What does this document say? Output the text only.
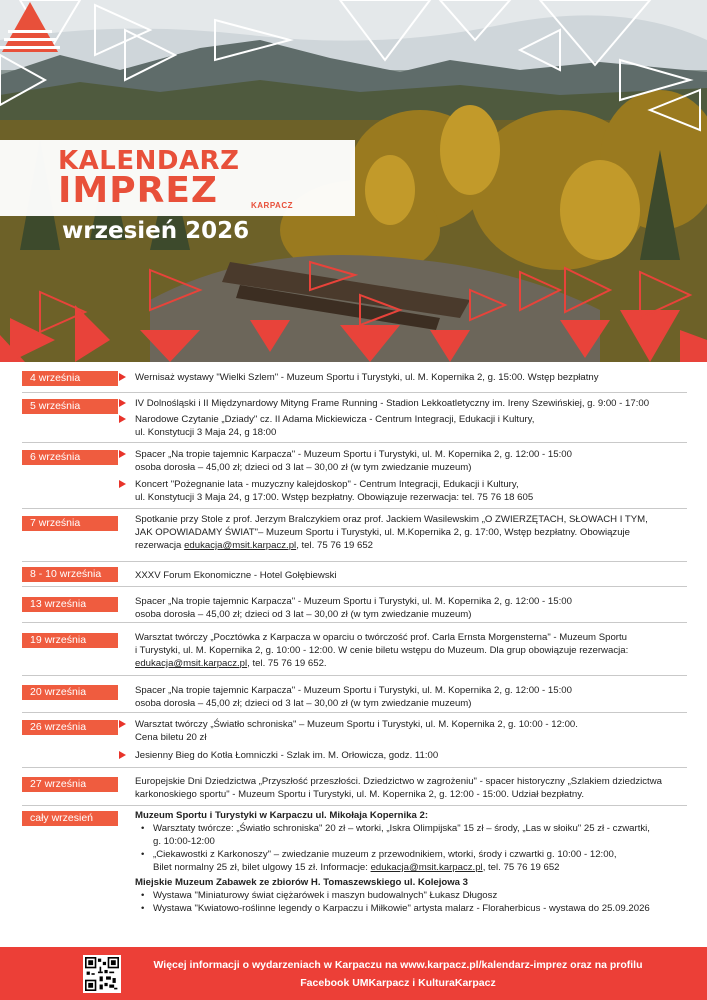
KALENDARZ
IMPREZ	KARPACZ
wrzesień 2026
4 września	Wernisaż wystawy "Wielki Szlem" - Muzeum Sportu i Turystyki, ul. M. Kopernika 2, g. 15:00. Wstęp bezpłatny
5 września	IV Dolnośląski i II Międzynardowy Mityng Frame Running - Stadion Lekkoatletyczny im. Ireny Szewińskiej, g. 9:00 - 17:00
Narodowe Czytanie „Dziady" cz. II Adama Mickiewicza - Centrum Integracji, Edukacji i Kultury,
ul. Konstytucji 3 Maja 24, g 18:00
6 września	Spacer „Na tropie tajemnic Karpacza" - Muzeum Sportu i Turystyki, ul. M. Kopernika 2, g. 12:00 - 15:00
osoba dorosła – 45,00 zł; dzieci od 3 lat – 30,00 zł (w tym zwiedzanie muzeum)
Koncert "Pożegnanie lata - muzyczny kalejdoskop" - Centrum Integracji, Edukacji i Kultury,
ul. Konstytucji 3 Maja 24, g 17:00. Wstęp bezpłatny. Obowiązuje rezerwacja: tel. 75 76 18 605
7 września	Spotkanie przy Stole z prof. Jerzym Bralczykiem oraz prof. Jackiem Wasilewskim „O ZWIERZĘTACH, SŁOWACH I TYM,
JAK OPOWIADAMY ŚWIAT"– Muzeum Sportu i Turystyki, ul. M.Kopernika 2, g. 17:00, Wstęp bezpłatny. Obowiązuje
rezerwacja edukacja@msit.karpacz.pl, tel. 75 76 19 652
8 - 10 września	XXXV Forum Ekonomiczne - Hotel Gołębiewski
13 września	Spacer „Na tropie tajemnic Karpacza" - Muzeum Sportu i Turystyki, ul. M. Kopernika 2, g. 12:00 - 15:00
osoba dorosła – 45,00 zł; dzieci od 3 lat – 30,00 zł (w tym zwiedzanie muzeum)
19 września	Warsztat twórczy „Pocztówka z Karpacza w oparciu o twórczość prof. Carla Ernsta Morgensterna" - Muzeum Sportu
i Turystyki, ul. M. Kopernika 2, g. 10:00 - 12:00. W cenie biletu wstępu do Muzeum. Dla grup obowiązuje rezerwacja:
edukacja@msit.karpacz.pl, tel. 75 76 19 652.
20 września	Spacer „Na tropie tajemnic Karpacza" - Muzeum Sportu i Turystyki, ul. M. Kopernika 2, g. 12:00 - 15:00
osoba dorosła – 45,00 zł; dzieci od 3 lat – 30,00 zł (w tym zwiedzanie muzeum)
26 września	Warsztat twórczy „Światło schroniska" – Muzeum Sportu i Turystyki, ul. M. Kopernika 2, g. 10:00 - 12:00.
Cena biletu 20 zł
Jesienny Bieg do Kotła Łomniczki - Szlak im. M. Orłowicza, godz. 11:00
27 września	Europejskie Dni Dziedzictwa „Przyszłość przeszłości. Dziedzictwo w zagrożeniu" - spacer historyczny „Szlakiem dziedzictwa
karkonoskiego sportu" - Muzeum Sportu i Turystyki, ul. M. Kopernika 2, g. 12:00 - 15:00. Udział bezpłatny.
cały wrzesień	Muzeum Sportu i Turystyki w Karpaczu ul. Mikołaja Kopernika 2:
• Warsztaty twórcze: „Światło schroniska" 20 zł – wtorki, „Iskra Olimpijska" 15 zł – środy, „Las w słoiku" 25 zł - czwartki,
g. 10:00-12:00
• „Ciekawostki z Karkonoszy" – zwiedzanie muzeum z przewodnikiem, wtorki, środy i czwartki g. 10:00 - 12:00,
Bilet normalny 25 zł, bilet ulgowy 15 zł. Informacje: edukacja@msit.karpacz.pl, tel. 75 76 19 652
Miejskie Muzeum Zabawek ze zbiorów H. Tomaszewskiego ul. Kolejowa 3
• Wystawa "Miniaturowy świat ciężarówek i maszyn budowalnych" Łukasz Długosz
• Wystawa "Kwiatowo-roślinne legendy o Karpaczu i Miłkowie" artysta malarz - Floraherbicus - wystawa do 25.09.2026
Więcej informacji o wydarzeniach w Karpaczu na www.karpacz.pl/kalendarz-imprez oraz na profilu
Facebook UMKarpacz i KulturaKarpacz
